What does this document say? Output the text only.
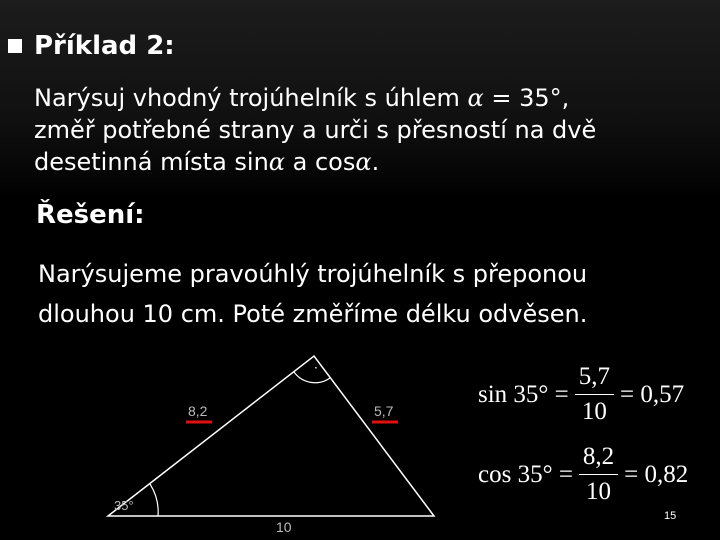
Příklad 2:
Narýsuj vhodný trojúhelník s úhlem α = 35°,
změř potřebné strany a urči s přesností na dvě
desetinná místa sinα a cosα.
Řešení:
Narýsujeme pravoúhlý trojúhelník s přeponou
dlouhou 10 cm. Poté změříme délku odvěsen.
·
8,2	5,7
35°
10
$\sin 35^\circ = \frac{5,7}{10} = 0,57$
$\cos 35^\circ = \frac{8,2}{10} = 0,82$
15
